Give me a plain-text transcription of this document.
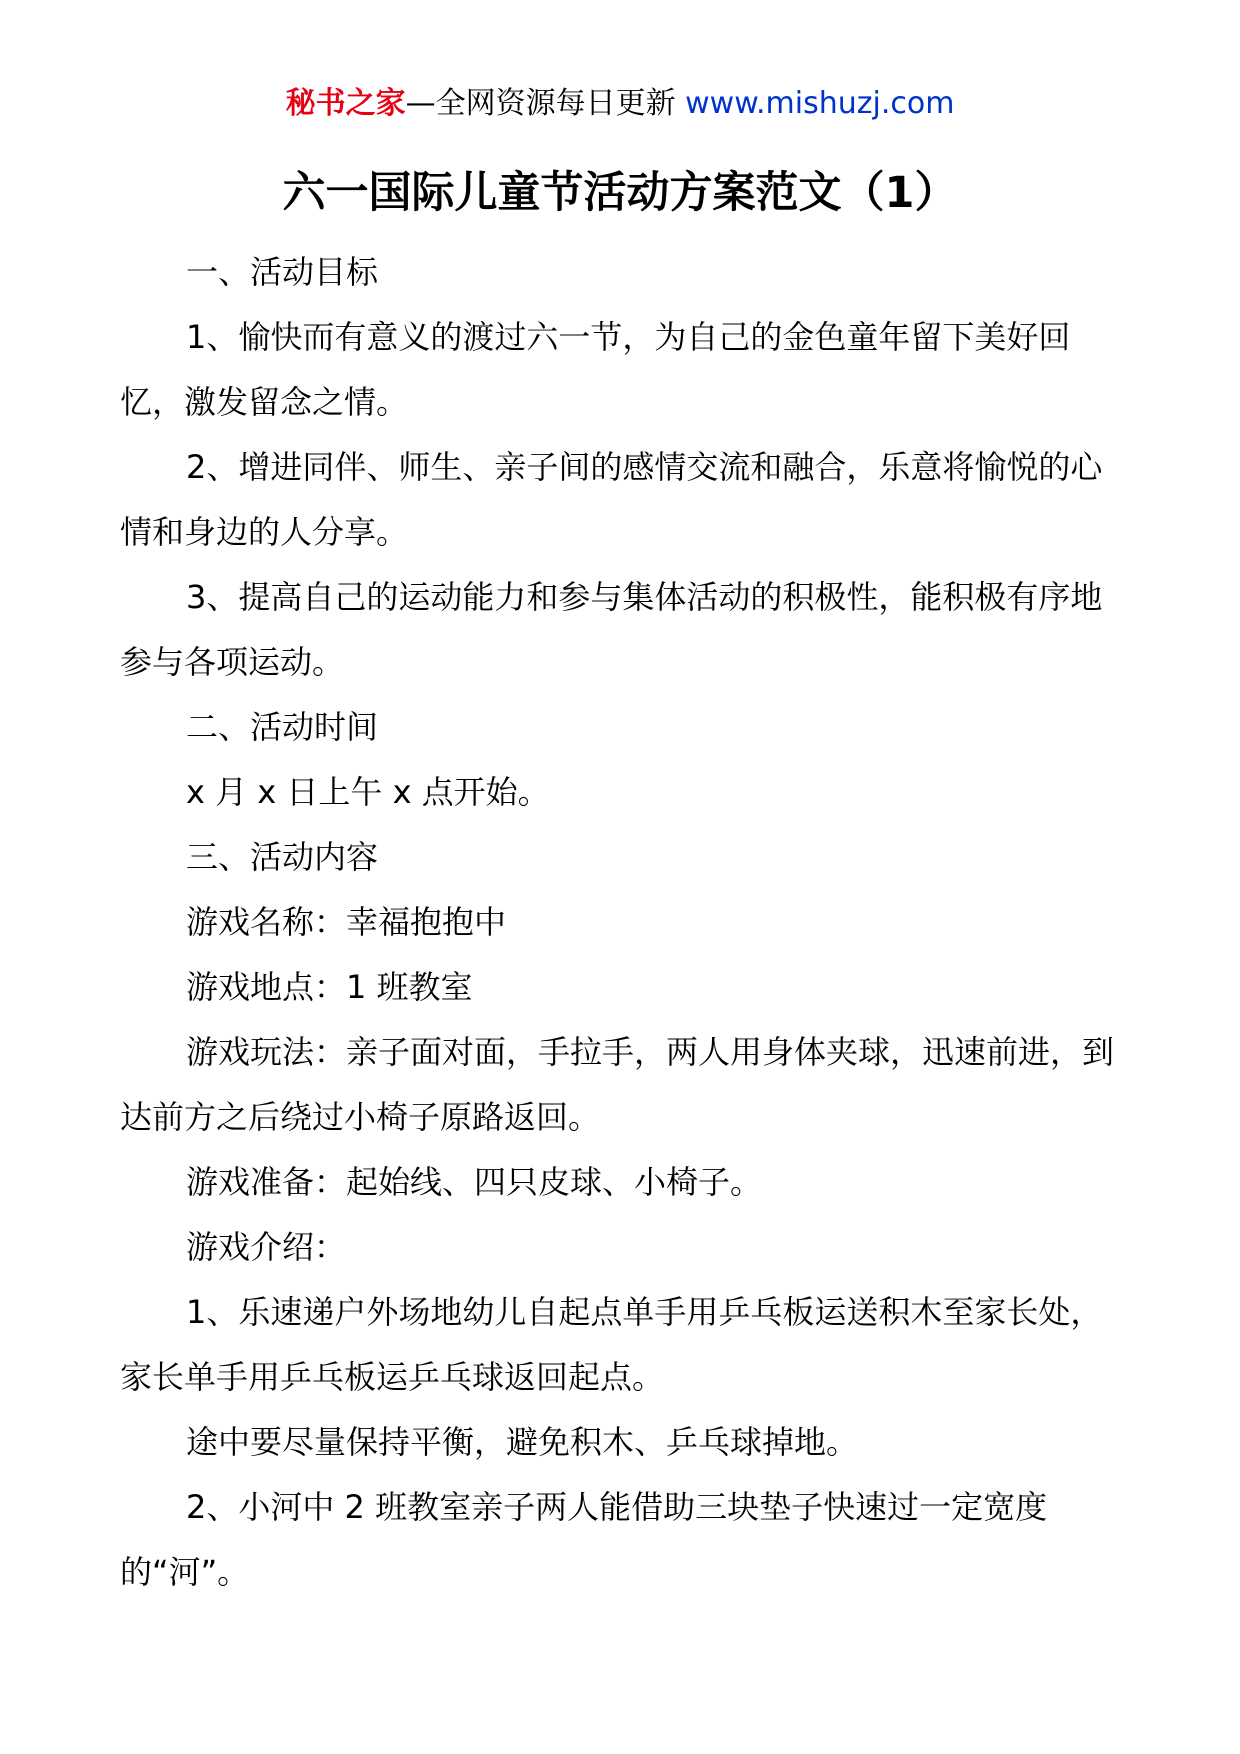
秘书之家—全网资源每日更新 www.mishuzj.com
六一国际儿童节活动方案范文（1）

一、活动目标

1、愉快而有意义的渡过六一节，为自己的金色童年留下美好回忆，激发留念之情。

2、增进同伴、师生、亲子间的感情交流和融合，乐意将愉悦的心情和身边的人分享。

3、提高自己的运动能力和参与集体活动的积极性，能积极有序地参与各项运动。

二、活动时间

x 月 x 日上午 x 点开始。

三、活动内容

游戏名称：幸福抱抱中

游戏地点：1 班教室

游戏玩法：亲子面对面，手拉手，两人用身体夹球，迅速前进，到达前方之后绕过小椅子原路返回。

游戏准备：起始线、四只皮球、小椅子。

游戏介绍：

1、乐速递户外场地幼儿自起点单手用乒乓板运送积木至家长处，家长单手用乒乓板运乒乓球返回起点。

途中要尽量保持平衡，避免积木、乒乓球掉地。

2、小河中 2 班教室亲子两人能借助三块垫子快速过一定宽度的“河”。
